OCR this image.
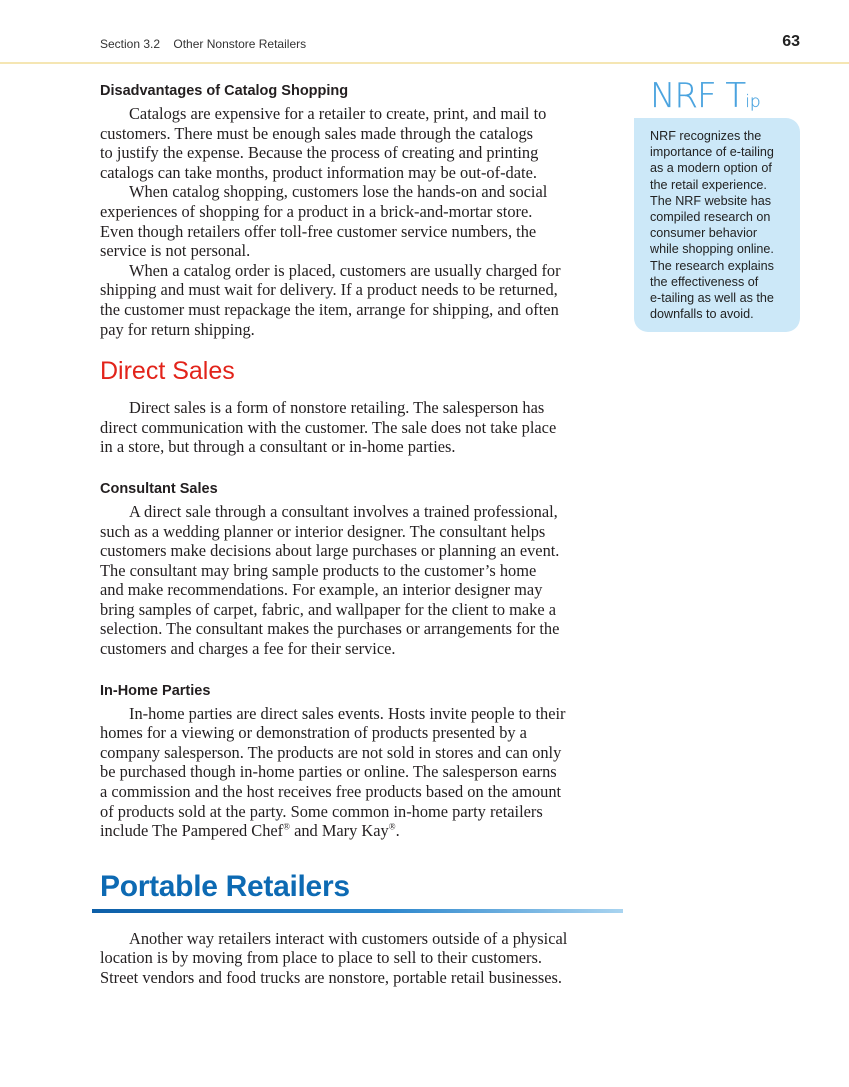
Section 3.2 Other Nonstore Retailers	63
Disadvantages of Catalog Shopping

Catalogs are expensive for a retailer to create, print, and mail to
customers. There must be enough sales made through the catalogs
to justify the expense. Because the process of creating and printing
catalogs can take months, product information may be out-of-date.

When catalog shopping, customers lose the hands-on and social
experiences of shopping for a product in a brick-and-mortar store.
Even though retailers offer toll-free customer service numbers, the
service is not personal.

When a catalog order is placed, customers are usually charged for
shipping and must wait for delivery. If a product needs to be returned,
the customer must repackage the item, arrange for shipping, and often
pay for return shipping.

Direct Sales

Direct sales is a form of nonstore retailing. The salesperson has
direct communication with the customer. The sale does not take place
in a store, but through a consultant or in-home parties.

Consultant Sales

A direct sale through a consultant involves a trained professional,
such as a wedding planner or interior designer. The consultant helps
customers make decisions about large purchases or planning an event.
The consultant may bring sample products to the customer’s home
and make recommendations. For example, an interior designer may
bring samples of carpet, fabric, and wallpaper for the client to make a
selection. The consultant makes the purchases or arrangements for the
customers and charges a fee for their service.

In-Home Parties

In-home parties are direct sales events. Hosts invite people to their
homes for a viewing or demonstration of products presented by a
company salesperson. The products are not sold in stores and can only
be purchased though in-home parties or online. The salesperson earns
a commission and the host receives free products based on the amount
of products sold at the party. Some common in-home party retailers
include The Pampered Chef® and Mary Kay®.

Portable Retailers

Another way retailers interact with customers outside of a physical
location is by moving from place to place to sell to their customers.
Street vendors and food trucks are nonstore, portable retail businesses.

NRF Tip
NRF recognizes the
importance of e-tailing
as a modern option of
the retail experience.
The NRF website has
compiled research on
consumer behavior
while shopping online.
The research explains
the effectiveness of
e-tailing as well as the
downfalls to avoid.
